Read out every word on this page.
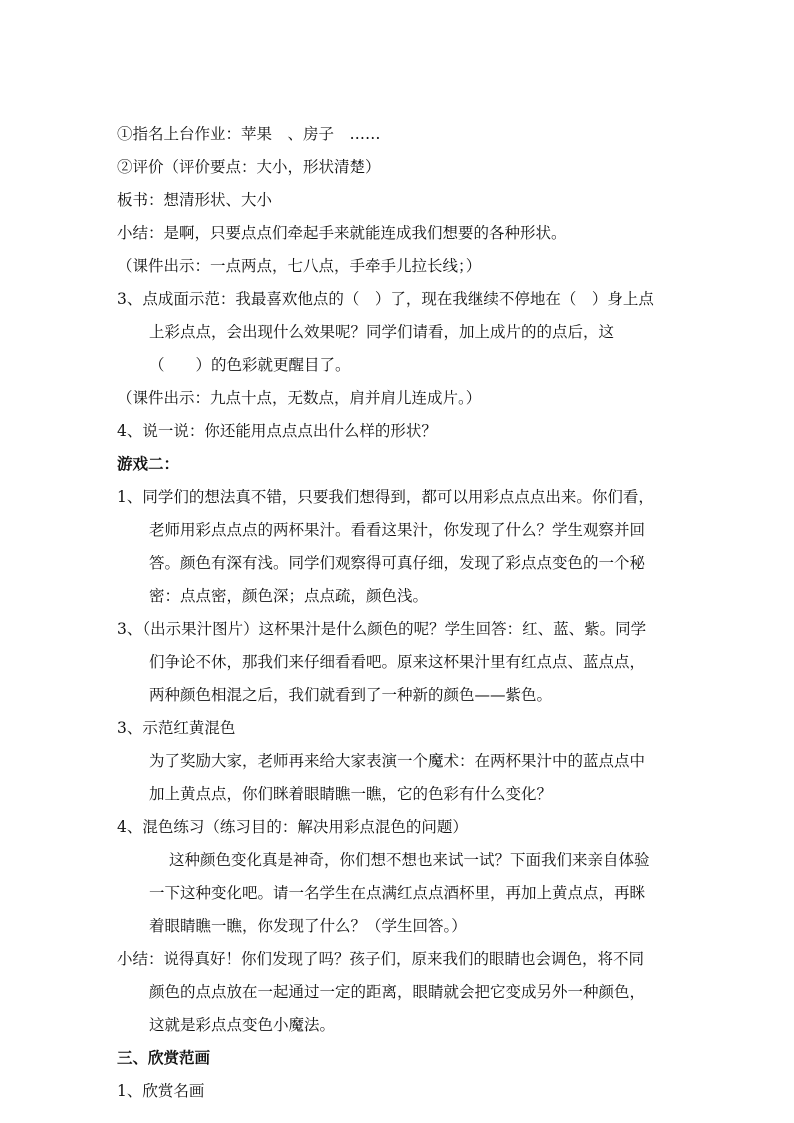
①指名上台作业：苹果　、房子　……
②评价（评价要点：大小，形状清楚）
板书：想清形状、大小
小结：是啊，只要点点们牵起手来就能连成我们想要的各种形状。
（课件出示：一点两点，七八点，手牵手儿拉长线；）
3、点成面示范：我最喜欢他点的（　）了，现在我继续不停地在（　）身上点
上彩点点，会出现什么效果呢？同学们请看，加上成片的的点后，这
（　　）的色彩就更醒目了。
（课件出示：九点十点，无数点，肩并肩儿连成片。）
4、说一说：你还能用点点点出什么样的形状？
游戏二：
1、同学们的想法真不错，只要我们想得到，都可以用彩点点点出来。你们看，
老师用彩点点点的两杯果汁。看看这果汁，你发现了什么？学生观察并回
答。颜色有深有浅。同学们观察得可真仔细，发现了彩点点变色的一个秘
密：点点密，颜色深；点点疏，颜色浅。
3、（出示果汁图片）这杯果汁是什么颜色的呢？学生回答：红、蓝、紫。同学
们争论不休，那我们来仔细看看吧。原来这杯果汁里有红点点、蓝点点，
两种颜色相混之后，我们就看到了一种新的颜色——紫色。
3、示范红黄混色
为了奖励大家，老师再来给大家表演一个魔术：在两杯果汁中的蓝点点中
加上黄点点，你们眯着眼睛瞧一瞧，它的色彩有什么变化？
4、混色练习（练习目的：解决用彩点混色的问题）
这种颜色变化真是神奇，你们想不想也来试一试？下面我们来亲自体验
一下这种变化吧。请一名学生在点满红点点酒杯里，再加上黄点点，再眯
着眼睛瞧一瞧，你发现了什么？（学生回答。）
小结：说得真好！你们发现了吗？孩子们，原来我们的眼睛也会调色，将不同
颜色的点点放在一起通过一定的距离，眼睛就会把它变成另外一种颜色，
这就是彩点点变色小魔法。
三、欣赏范画
1、欣赏名画
